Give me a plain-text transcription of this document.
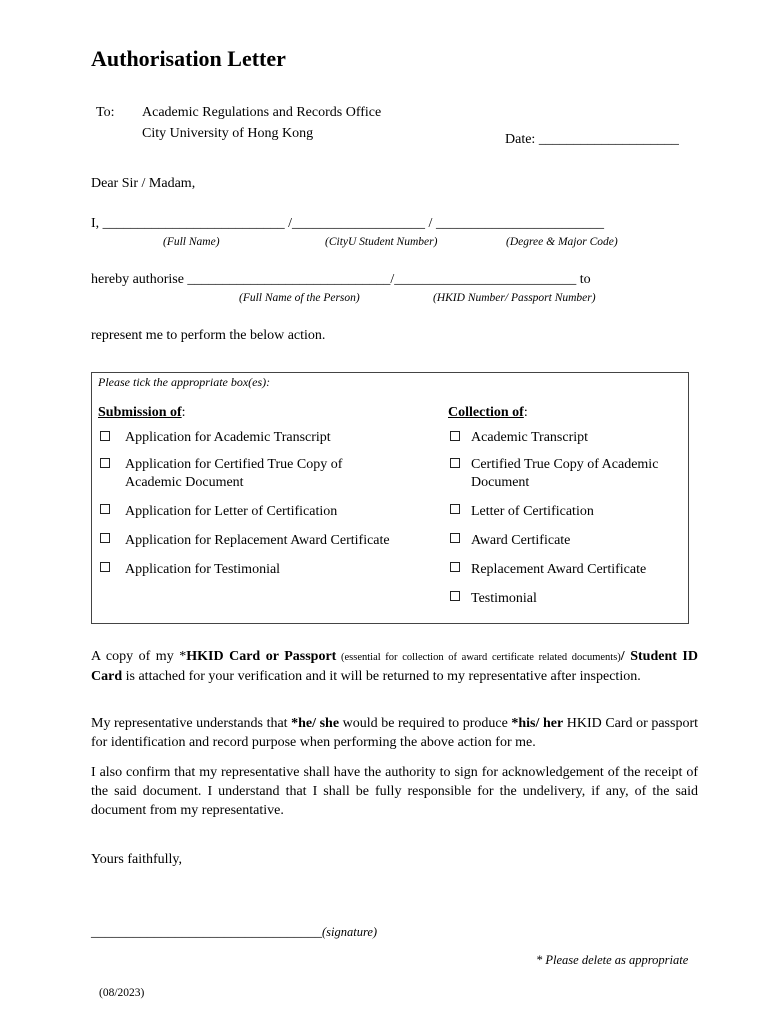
Authorisation Letter
To: Academic Regulations and Records Office
City University of Hong Kong	Date: ____________________
Dear Sir / Madam,
I, __________________________ /___________________ / ________________________
(Full Name)	(CityU Student Number)	(Degree & Major Code)
hereby authorise _____________________________/__________________________ to
(Full Name of the Person)	(HKID Number/ Passport Number)
represent me to perform the below action.
Please tick the appropriate box(es):
Submission of:	Collection of:
Application for Academic Transcript
Application for Certified True Copy of
Academic Document
Application for Letter of Certification
Application for Replacement Award Certificate
Application for Testimonial
Academic Transcript
Certified True Copy of Academic
Document
Letter of Certification
Award Certificate
Replacement Award Certificate
Testimonial
A copy of my *HKID Card or Passport (essential for collection of award certificate related documents)/ Student ID Card is attached for your verification and it will be returned to my representative after inspection.
My representative understands that *he/ she would be required to produce *his/ her HKID Card or passport for identification and record purpose when performing the above action for me.
I also confirm that my representative shall have the authority to sign for acknowledgement of the receipt of the said document. I understand that I shall be fully responsible for the undelivery, if any, of the said document from my representative.
Yours faithfully,
_________________________________(signature)
* Please delete as appropriate
(08/2023)
